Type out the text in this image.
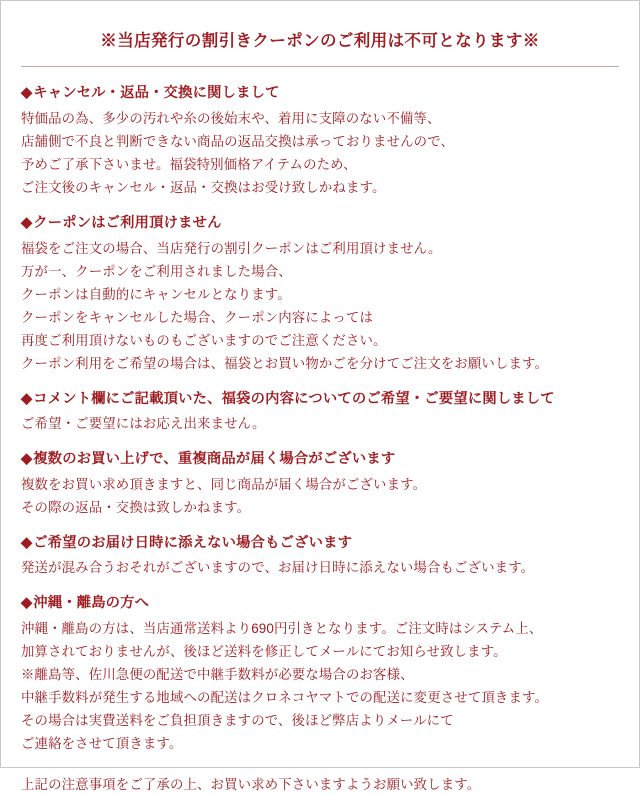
※当店発行の割引きクーポンのご利用は不可となります※
◆キャンセル・返品・交換に関しまして
特価品の為、多少の汚れや糸の後始末や、着用に支障のない不備等、
店舗側で不良と判断できない商品の返品交換は承っておりませんので、
予めご了承下さいませ。福袋特別価格アイテムのため、
ご注文後のキャンセル・返品・交換はお受け致しかねます。
◆クーポンはご利用頂けません
福袋をご注文の場合、当店発行の割引クーポンはご利用頂けません。
万が一、クーポンをご利用されました場合、
クーポンは自動的にキャンセルとなります。
クーポンをキャンセルした場合、クーポン内容によっては
再度ご利用頂けないものもございますのでご注意ください。
クーポン利用をご希望の場合は、福袋とお買い物かごを分けてご注文をお願いします。
◆コメント欄にご記載頂いた、福袋の内容についてのご希望・ご要望に関しまして
ご希望・ご要望にはお応え出来ません。
◆複数のお買い上げで、重複商品が届く場合がございます
複数をお買い求め頂きますと、同じ商品が届く場合がございます。
その際の返品・交換は致しかねます。
◆ご希望のお届け日時に添えない場合もございます
発送が混み合うおそれがございますので、お届け日時に添えない場合もございます。
◆沖縄・離島の方へ
沖縄・離島の方は、当店通常送料より690円引きとなります。ご注文時はシステム上、
加算されておりませんが、後ほど送料を修正してメールにてお知らせ致します。
※離島等、佐川急便の配送で中継手数料が必要な場合のお客様、
中継手数料が発生する地域への配送はクロネコヤマトでの配送に変更させて頂きます。
その場合は実費送料をご負担頂きますので、後ほど弊店よりメールにて
ご連絡をさせて頂きます。
上記の注意事項をご了承の上、お買い求め下さいますようお願い致します。
